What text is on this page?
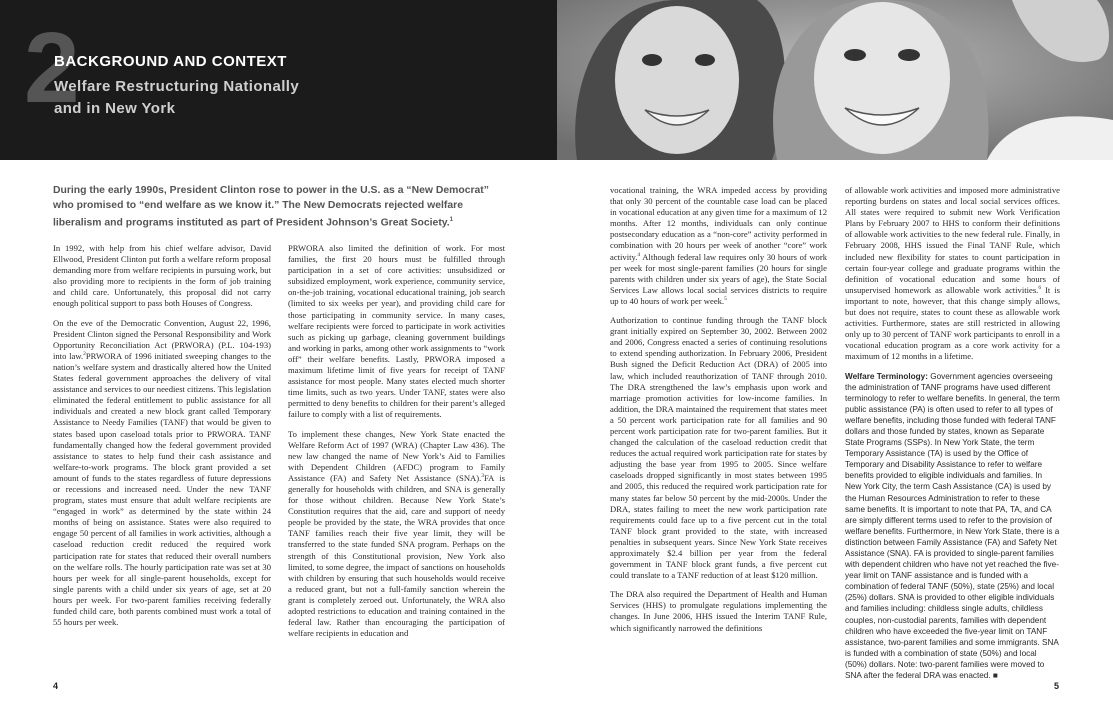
2
BACKGROUND AND CONTEXT
Welfare Restructuring Nationally
and in New York
During the early 1990s, President Clinton rose to power in the U.S. as a “New Democrat” who promised to “end welfare as we know it.” The New Democrats rejected welfare liberalism and programs instituted as part of President Johnson’s Great Society.$^1$

In 1992, with help from his chief welfare advisor, David Ellwood, President Clinton put forth a welfare reform proposal demanding more from welfare recipients in pursuing work, but also providing more to recipients in the form of job training and child care. Unfortunately, this proposal did not carry enough political support to pass both Houses of Congress.

On the eve of the Democratic Convention, August 22, 1996, President Clinton signed the Personal Responsibility and Work Opportunity Reconciliation Act (PRWORA) (P.L. 104-193) into law.$^2$PRWORA of 1996 initiated sweeping changes to the nation’s welfare system and drastically altered how the United States federal government approaches the delivery of vital assistance and services to our neediest citizens. This legislation eliminated the federal entitlement to public assistance for all individuals and created a new block grant called Temporary Assistance to Needy Families (TANF) that would be given to states based upon caseload totals prior to PRWORA. TANF fundamentally changed how the federal government provided assistance to states to help fund their cash assistance and welfare-to-work programs. The block grant provided a set amount of funds to the states regardless of future depressions or recessions and increased need. Under the new TANF program, states must ensure that adult welfare recipients are “engaged in work” as determined by the state within 24 months of being on assistance. States were also required to engage 50 percent of all families in work activities, although a caseload reduction credit reduced the required work participation rate for states that reduced their overall numbers on the welfare rolls. The hourly participation rate was set at 30 hours per week for all single-parent households, except for single parents with a child under six years of age, set at 20 hours per week. For two-parent families receiving federally funded child care, both parents combined must work a total of 55 hours per week.

PRWORA also limited the definition of work. For most families, the first 20 hours must be fulfilled through participation in a set of core activities: unsubsidized or subsidized employment, work experience, community service, on-the-job training, vocational educational training, job search (limited to six weeks per year), and providing child care for those participating in community service. In many cases, welfare recipients were forced to participate in work activities such as picking up garbage, cleaning government buildings and working in parks, among other work assignments to “work off” their welfare benefits. Lastly, PRWORA imposed a maximum lifetime limit of five years for receipt of TANF assistance for most people. Many states elected much shorter time limits, such as two years. Under TANF, states were also permitted to deny benefits to children for their parent’s alleged failure to comply with a list of requirements.

To implement these changes, New York State enacted the Welfare Reform Act of 1997 (WRA) (Chapter Law 436). The new law changed the name of New York’s Aid to Families with Dependent Children (AFDC) program to Family Assistance (FA) and Safety Net Assistance (SNA).$^3$FA is generally for households with children, and SNA is generally for those without children. Because New York State’s Constitution requires that the aid, care and support of needy people be provided by the state, the WRA provides that once TANF families reach their five year limit, they will be transferred to the state funded SNA program. Perhaps on the strength of this Constitutional provision, New York also limited, to some degree, the impact of sanctions on households with children by ensuring that such households would receive a reduced grant, but not a full-family sanction wherein the grant is completely zeroed out. Unfortunately, the WRA also adopted restrictions to education and training contained in the federal law. Rather than encouraging the participation of welfare recipients in education and

vocational training, the WRA impeded access by providing that only 30 percent of the countable case load can be placed in vocational education at any given time for a maximum of 12 months. After 12 months, individuals can only continue postsecondary education as a “non-core” activity performed in combination with 20 hours per week of another “core” work activity.$^4$ Although federal law requires only 30 hours of work per week for most single-parent families (20 hours for single parents with children under six years of age), the State Social Services Law allows local social services districts to require up to 40 hours of work per week.$^5$

Authorization to continue funding through the TANF block grant initially expired on September 30, 2002. Between 2002 and 2006, Congress enacted a series of continuing resolutions to extend spending authorization. In February 2006, President Bush signed the Deficit Reduction Act (DRA) of 2005 into law, which included reauthorization of TANF through 2010. The DRA strengthened the law’s emphasis upon work and marriage promotion activities for low-income families. In addition, the DRA maintained the requirement that states meet a 50 percent work participation rate for all families and 90 percent work participation rate for two-parent families. But it changed the calculation of the caseload reduction credit that reduces the actual required work participation rate for states by adjusting the base year from 1995 to 2005. Since welfare caseloads dropped significantly in most states between 1995 and 2005, this reduced the required work participation rate for many states far below 50 percent by the mid-2000s. Under the DRA, states failing to meet the new work participation rate requirements could face up to a five percent cut in the total TANF block grant provided to the state, with increased penalties in subsequent years. Since New York State receives approximately $2.4 billion per year from the federal government in TANF block grant funds, a five percent cut could translate to a TANF reduction of at least $120 million.

The DRA also required the Department of Health and Human Services (HHS) to promulgate regulations implementing the changes. In June 2006, HHS issued the Interim TANF Rule, which significantly narrowed the definitions

of allowable work activities and imposed more administrative reporting burdens on states and local social services offices. All states were required to submit new Work Verification Plans by February 2007 to HHS to conform their definitions of allowable work activities to the new federal rule. Finally, in February 2008, HHS issued the Final TANF Rule, which included new flexibility for states to count participation in certain four-year college and graduate programs within the definition of vocational education and some hours of unsupervised homework as allowable work activities.$^6$ It is important to note, however, that this change simply allows, but does not require, states to count these as allowable work activities. Furthermore, states are still restricted in allowing only up to 30 percent of TANF work participants to enroll in a vocational education program as a core work activity for a maximum of 12 months in a lifetime.

Welfare Terminology: Government agencies overseeing the administration of TANF programs have used different terminology to refer to welfare benefits. In general, the term public assistance (PA) is often used to refer to all types of welfare benefits, including those funded with federal TANF dollars and those funded by states, known as Separate State Programs (SSPs). In New York State, the term Temporary Assistance (TA) is used by the Office of Temporary and Disability Assistance to refer to welfare benefits provided to eligible individuals and families. In New York City, the term Cash Assistance (CA) is used by the Human Resources Administration to refer to these same benefits. It is important to note that PA, TA, and CA are simply different terms used to refer to the provision of welfare benefits. Furthermore, in New York State, there is a distinction between Family Assistance (FA) and Safety Net Assistance (SNA). FA is provided to single-parent families with dependent children who have not yet reached the five-year limit on TANF assistance and is funded with a combination of federal TANF (50%), state (25%) and local (25%) dollars. SNA is provided to other eligible individuals and families including: childless single adults, childless couples, non-custodial parents, families with dependent children who have exceeded the five-year limit on TANF assistance, two-parent families and some immigrants. SNA is funded with a combination of state (50%) and local (50%) dollars. Note: two-parent families were moved to SNA after the federal DRA was enacted. ■

4	5
